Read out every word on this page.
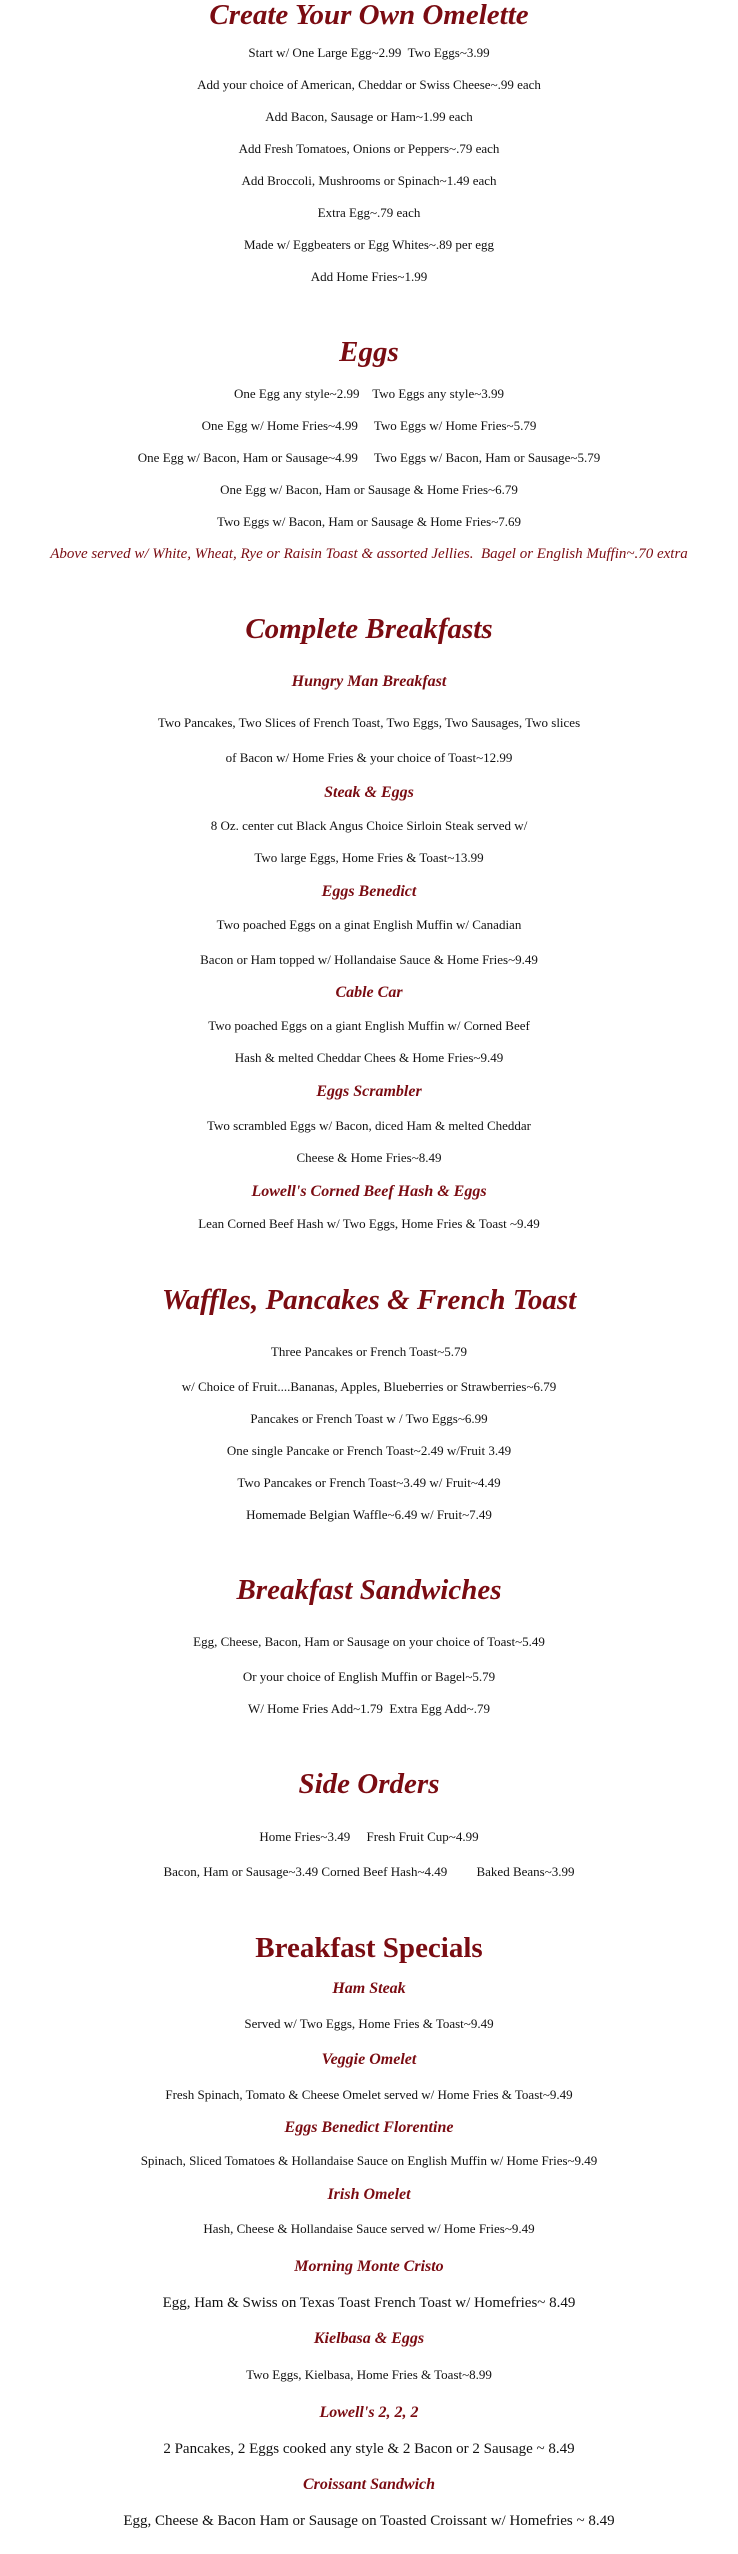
Create Your Own Omelette
Start w/ One Large Egg~2.99  Two Eggs~3.99
Add your choice of American, Cheddar or Swiss Cheese~.99 each
Add Bacon, Sausage or Ham~1.99 each
Add Fresh Tomatoes, Onions or Peppers~.79 each
Add Broccoli, Mushrooms or Spinach~1.49 each
Extra Egg~.79 each
Made w/ Eggbeaters or Egg Whites~.89 per egg
Add Home Fries~1.99
Eggs
One Egg any style~2.99    Two Eggs any style~3.99
One Egg w/ Home Fries~4.99     Two Eggs w/ Home Fries~5.79
One Egg w/ Bacon, Ham or Sausage~4.99     Two Eggs w/ Bacon, Ham or Sausage~5.79
One Egg w/ Bacon, Ham or Sausage & Home Fries~6.79
Two Eggs w/ Bacon, Ham or Sausage & Home Fries~7.69
Above served w/ White, Wheat, Rye or Raisin Toast & assorted Jellies.  Bagel or English Muffin~.70 extra
Complete Breakfasts
Hungry Man Breakfast
Two Pancakes, Two Slices of French Toast, Two Eggs, Two Sausages, Two slices
of Bacon w/ Home Fries & your choice of Toast~12.99
Steak & Eggs
8 Oz. center cut Black Angus Choice Sirloin Steak served w/
Two large Eggs, Home Fries & Toast~13.99
Eggs Benedict
Two poached Eggs on a ginat English Muffin w/ Canadian
Bacon or Ham topped w/ Hollandaise Sauce & Home Fries~9.49
Cable Car
Two poached Eggs on a giant English Muffin w/ Corned Beef
Hash & melted Cheddar Chees & Home Fries~9.49
Eggs Scrambler
Two scrambled Eggs w/ Bacon, diced Ham & melted Cheddar
Cheese & Home Fries~8.49
Lowell's Corned Beef Hash & Eggs
Lean Corned Beef Hash w/ Two Eggs, Home Fries & Toast ~9.49
Waffles, Pancakes & French Toast
Three Pancakes or French Toast~5.79
w/ Choice of Fruit....Bananas, Apples, Blueberries or Strawberries~6.79
Pancakes or French Toast w / Two Eggs~6.99
One single Pancake or French Toast~2.49 w/Fruit 3.49
Two Pancakes or French Toast~3.49 w/ Fruit~4.49
Homemade Belgian Waffle~6.49 w/ Fruit~7.49
Breakfast Sandwiches
Egg, Cheese, Bacon, Ham or Sausage on your choice of Toast~5.49
Or your choice of English Muffin or Bagel~5.79
W/ Home Fries Add~1.79  Extra Egg Add~.79
Side Orders
Home Fries~3.49     Fresh Fruit Cup~4.99
Bacon, Ham or Sausage~3.49 Corned Beef Hash~4.49         Baked Beans~3.99
Breakfast Specials
Ham Steak
Served w/ Two Eggs, Home Fries & Toast~9.49
Veggie Omelet
Fresh Spinach, Tomato & Cheese Omelet served w/ Home Fries & Toast~9.49
Eggs Benedict Florentine
Spinach, Sliced Tomatoes & Hollandaise Sauce on English Muffin w/ Home Fries~9.49
Irish Omelet
Hash, Cheese & Hollandaise Sauce served w/ Home Fries~9.49
Morning Monte Cristo
Egg, Ham & Swiss on Texas Toast French Toast w/ Homefries~ 8.49
Kielbasa & Eggs
Two Eggs, Kielbasa, Home Fries & Toast~8.99
Lowell's 2, 2, 2
2 Pancakes, 2 Eggs cooked any style & 2 Bacon or 2 Sausage ~ 8.49
Croissant Sandwich
Egg, Cheese & Bacon Ham or Sausage on Toasted Croissant w/ Homefries ~ 8.49
